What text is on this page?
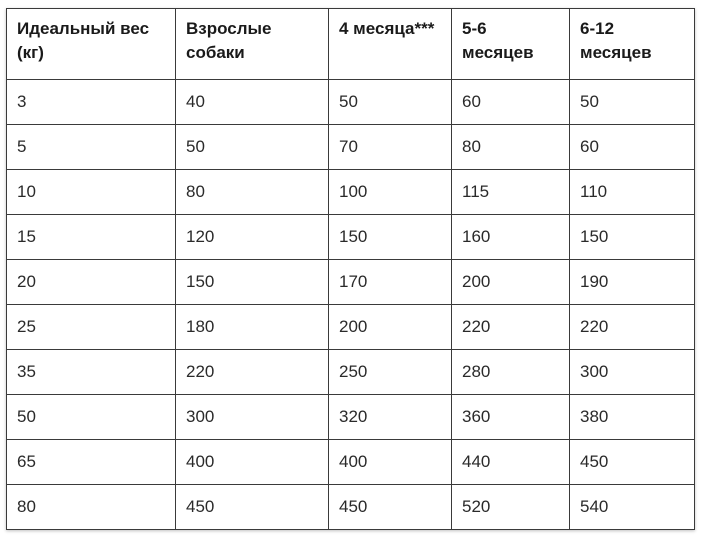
Идеальный вес (кг)	Взрослые собаки	4 месяца***	5-6 месяцев	6-12 месяцев
3	40	50	60	50
5	50	70	80	60
10	80	100	115	110
15	120	150	160	150
20	150	170	200	190
25	180	200	220	220
35	220	250	280	300
50	300	320	360	380
65	400	400	440	450
80	450	450	520	540
